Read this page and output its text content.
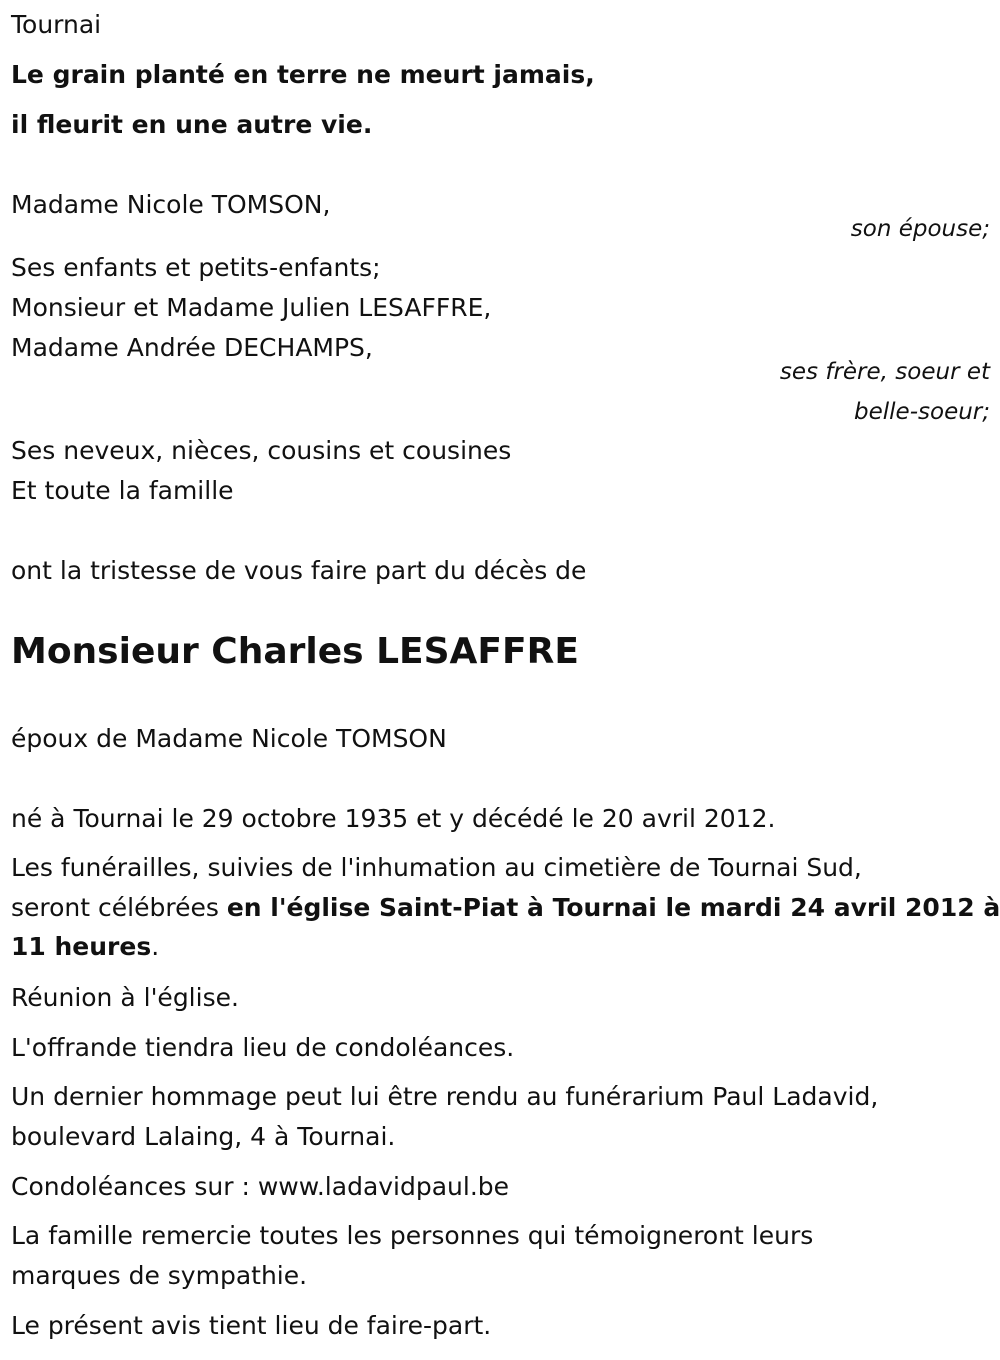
Tournai

Le grain planté en terre ne meurt jamais,

il fleurit en une autre vie.

Madame Nicole TOMSON,

son épouse;

Ses enfants et petits-enfants;

Monsieur et Madame Julien LESAFFRE,

Madame Andrée DECHAMPS,

ses frère, soeur et

belle-soeur;

Ses neveux, nièces, cousins et cousines

Et toute la famille

ont la tristesse de vous faire part du décès de

Monsieur Charles LESAFFRE

époux de Madame Nicole TOMSON

né à Tournai le 29 octobre 1935 et y décédé le 20 avril 2012.

Les funérailles, suivies de l'inhumation au cimetière de Tournai Sud,

seront célébrées en l'église Saint-Piat à Tournai le mardi 24 avril 2012 à

11 heures.

Réunion à l'église.

L'offrande tiendra lieu de condoléances.

Un dernier hommage peut lui être rendu au funérarium Paul Ladavid,

boulevard Lalaing, 4 à Tournai.

Condoléances sur : www.ladavidpaul.be

La famille remercie toutes les personnes qui témoigneront leurs

marques de sympathie.

Le présent avis tient lieu de faire-part.
